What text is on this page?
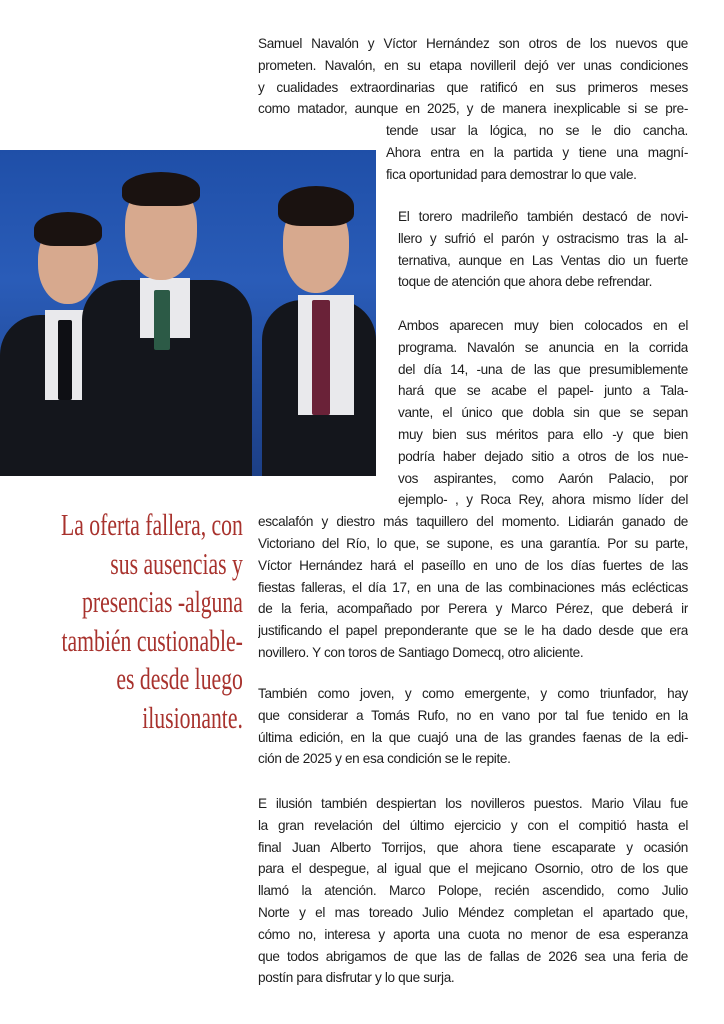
Samuel Navalón y Víctor Hernández son otros de los nuevos que
prometen. Navalón, en su etapa novilleril dejó ver unas condiciones
y cualidades extraordinarias que ratificó en sus primeros meses
como matador, aunque en 2025, y de manera inexplicable si se pre-
tende usar la lógica, no se le dio cancha.
Ahora entra en la partida y tiene una magní-
fica oportunidad para demostrar lo que vale.
El torero madrileño también destacó de novi-
llero y sufrió el parón y ostracismo tras la al-
ternativa, aunque en Las Ventas dio un fuerte
toque de atención que ahora debe refrendar.
Ambos aparecen muy bien colocados en el
programa. Navalón se anuncia en la corrida
del día 14, -una de las que presumiblemente
hará que se acabe el papel- junto a Tala-
vante, el único que dobla sin que se sepan
muy bien sus méritos para ello -y que bien
podría haber dejado sitio a otros de los nue-
vos aspirantes, como Aarón Palacio, por
ejemplo- , y Roca Rey, ahora mismo líder del
escalafón y diestro más taquillero del momento. Lidiarán ganado de
Victoriano del Río, lo que, se supone, es una garantía. Por su parte,
Víctor Hernández hará el paseíllo en uno de los días fuertes de las
fiestas falleras, el día 17, en una de las combinaciones más eclécticas
de la feria, acompañado por Perera y Marco Pérez, que deberá ir
justificando el papel preponderante que se le ha dado desde que era
novillero. Y con toros de Santiago Domecq, otro aliciente.
También como joven, y como emergente, y como triunfador, hay
que considerar a Tomás Rufo, no en vano por tal fue tenido en la
última edición, en la que cuajó una de las grandes faenas de la edi-
ción de 2025 y en esa condición se le repite.
E ilusión también despiertan los novilleros puestos. Mario Vilau fue
la gran revelación del último ejercicio y con el compitió hasta el
final Juan Alberto Torrijos, que ahora tiene escaparate y ocasión
para el despegue, al igual que el mejicano Osornio, otro de los que
llamó la atención. Marco Polope, recién ascendido, como Julio
Norte y el mas toreado Julio Méndez completan el apartado que,
cómo no, interesa y aporta una cuota no menor de esa esperanza
que todos abrigamos de que las de fallas de 2026 sea una feria de
postín para disfrutar y lo que surja.
La oferta fallera, con
sus ausencias y
presencias -alguna
también custionable-
es desde luego
ilusionante.
